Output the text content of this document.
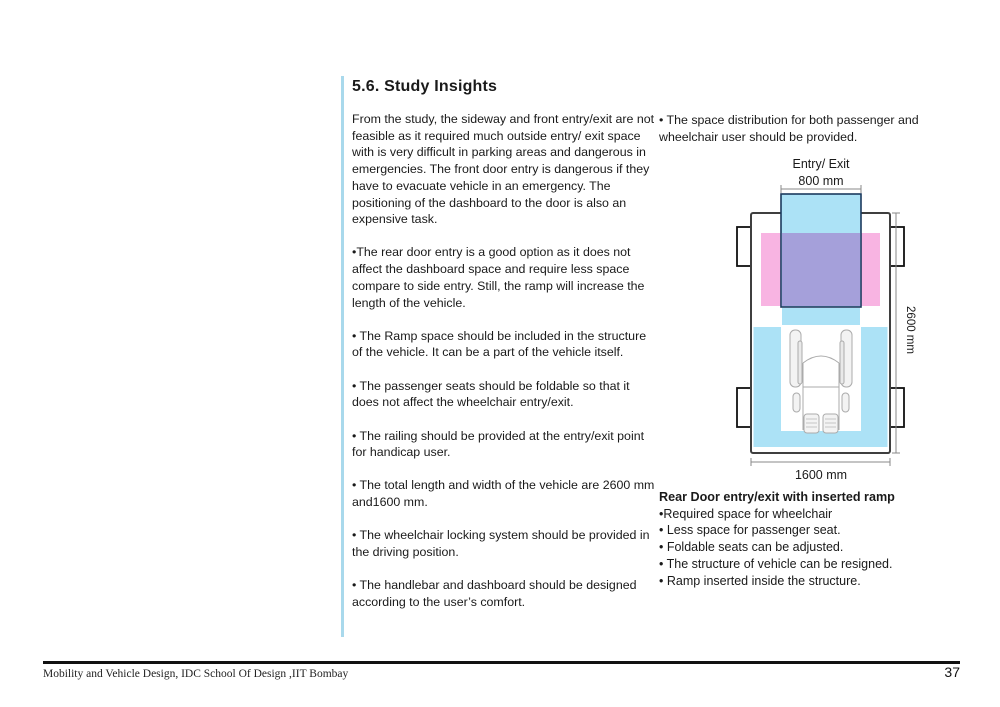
5.6. Study Insights

From the study, the sideway and front entry/exit are not feasible as it required much outside entry/ exit space with is very difficult in parking areas and dangerous in emergencies. The front door entry is dangerous if they have to evacuate vehicle in an emergency. The positioning of the dashboard to the door is also an expensive task.

•The rear door entry is a good option as it does not affect the dashboard space and require less space compare to side entry. Still, the ramp will increase the length of the vehicle.

• The Ramp space should be included in the structure of the vehicle. It can be a part of the vehicle itself.

• The passenger seats should be foldable so that it does not affect the wheelchair entry/exit.

• The railing should be provided at the entry/exit point for handicap user.

• The total length and width of the vehicle are 2600 mm and1600 mm.

• The wheelchair locking system should be provided in the driving position.

• The handlebar and dashboard should be designed according to the user’s comfort.

• The space distribution for both passenger and wheelchair user should be provided.

Entry/ Exit
800 mm
2600 mm
1600 mm
Rear Door entry/exit with inserted ramp
•Required space for wheelchair
• Less space for passenger seat.
• Foldable seats can be adjusted.
• The structure of vehicle can be resigned.
• Ramp inserted inside the structure.
Mobility and Vehicle Design, IDC School Of Design ,IIT Bombay	37
